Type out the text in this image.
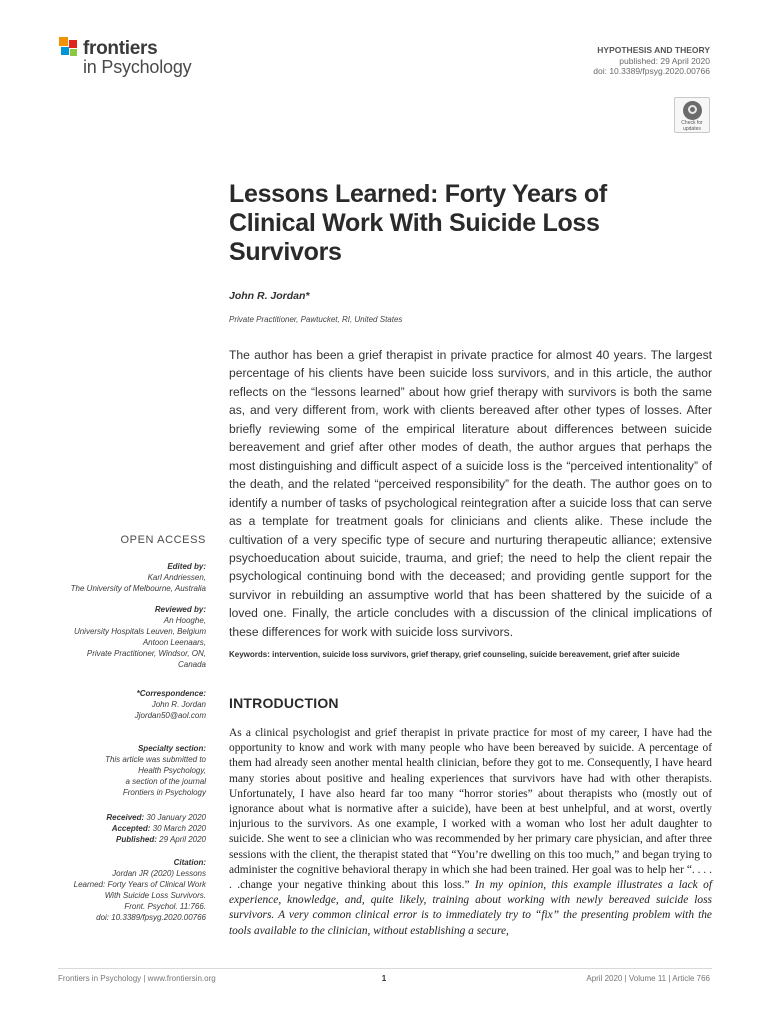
frontiers
in Psychology
HYPOTHESIS AND THEORY
published: 29 April 2020
doi: 10.3389/fpsyg.2020.00766
Check for
updates
Lessons Learned: Forty Years of Clinical Work With Suicide Loss Survivors
John R. Jordan*
Private Practitioner, Pawtucket, RI, United States

The author has been a grief therapist in private practice for almost 40 years. The largest percentage of his clients have been suicide loss survivors, and in this article, the author reflects on the “lessons learned” about how grief therapy with survivors is both the same as, and very different from, work with clients bereaved after other types of losses. After briefly reviewing some of the empirical literature about differences between suicide bereavement and grief after other modes of death, the author argues that perhaps the most distinguishing and difficult aspect of a suicide loss is the “perceived intentionality” of the death, and the related “perceived responsibility” for the death. The author goes on to identify a number of tasks of psychological reintegration after a suicide loss that can serve as a template for treatment goals for clinicians and clients alike. These include the cultivation of a very specific type of secure and nurturing therapeutic alliance; extensive psychoeducation about suicide, trauma, and grief; the need to help the client repair the psychological continuing bond with the deceased; and providing gentle support for the survivor in rebuilding an assumptive world that has been shattered by the suicide of a loved one. Finally, the article concludes with a discussion of the clinical implications of these differences for work with suicide loss survivors.

Keywords: intervention, suicide loss survivors, grief therapy, grief counseling, suicide bereavement, grief after suicide
INTRODUCTION

As a clinical psychologist and grief therapist in private practice for most of my career, I have had the opportunity to know and work with many people who have been bereaved by suicide. A percentage of them had already seen another mental health clinician, before they got to me. Consequently, I have heard many stories about positive and healing experiences that survivors have had with other therapists. Unfortunately, I have also heard far too many “horror stories” about therapists who (mostly out of ignorance about what is normative after a suicide), have been at best unhelpful, and at worst, overtly injurious to the survivors. As one example, I worked with a woman who lost her adult daughter to suicide. She went to see a clinician who was recommended by her primary care physician, and after three sessions with the client, the therapist stated that “You’re dwelling on this too much,” and began trying to administer the cognitive behavioral therapy in which she had been trained. Her goal was to help her “. . . . . .change your negative thinking about this loss.” In my opinion, this example illustrates a lack of experience, knowledge, and, quite likely, training about working with newly bereaved suicide loss survivors. A very common clinical error is to immediately try to “fix” the presenting problem with the tools available to the clinician, without establishing a secure,

OPEN ACCESS
Edited by:
Karl Andriessen,
The University of Melbourne, Australia
Reviewed by:
An Hooghe,
University Hospitals Leuven, Belgium
Antoon Leenaars,
Private Practitioner, Windsor, ON,
Canada
*Correspondence:
John R. Jordan
Jjordan50@aol.com
Specialty section:
This article was submitted to
Health Psychology,
a section of the journal
Frontiers in Psychology
Received: 30 January 2020
Accepted: 30 March 2020
Published: 29 April 2020
Citation:
Jordan JR (2020) Lessons
Learned: Forty Years of Clinical Work
With Suicide Loss Survivors.
Front. Psychol. 11:766.
doi: 10.3389/fpsyg.2020.00766
Frontiers in Psychology | www.frontiersin.org	1	April 2020 | Volume 11 | Article 766
